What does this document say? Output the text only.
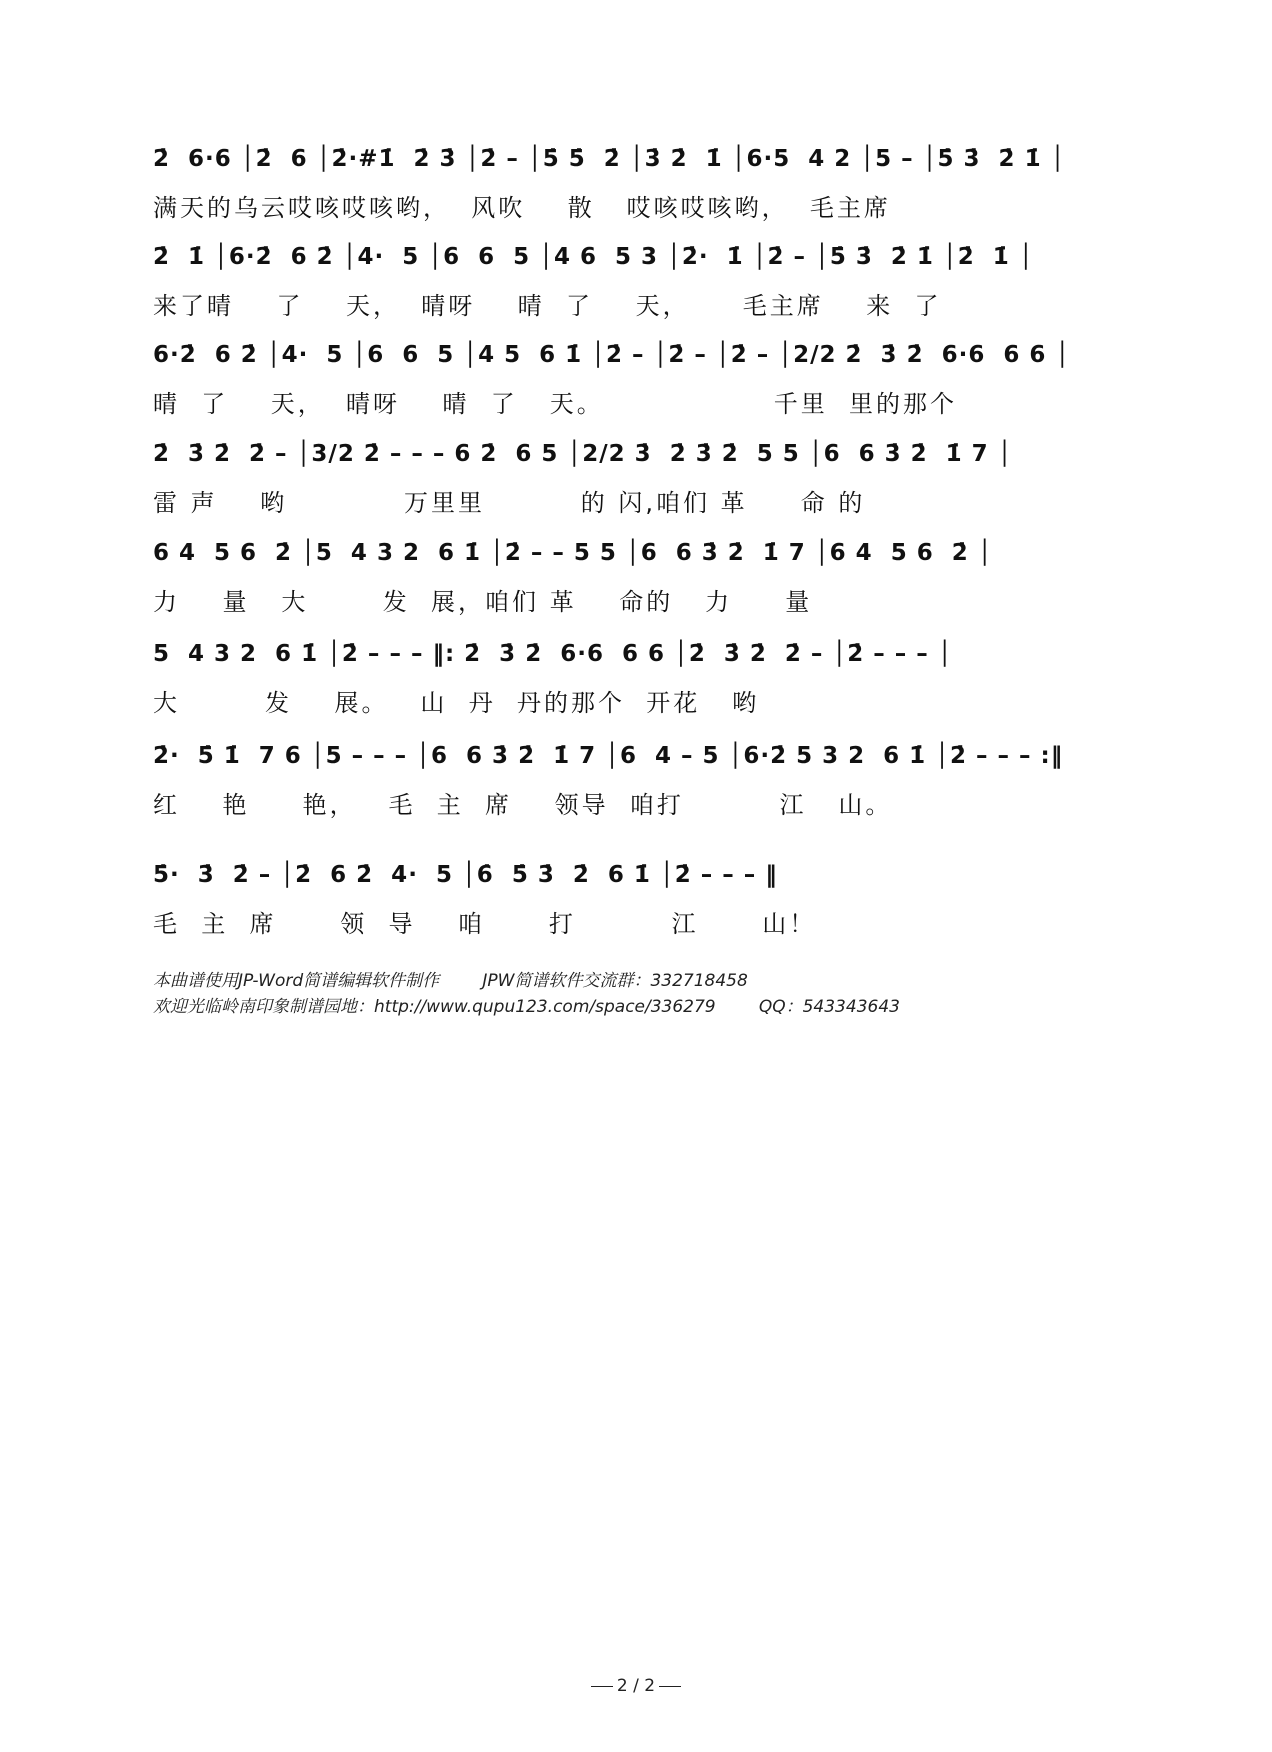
2̇  6·6 │2̇  6 │2̇·#1̇  2̇ 3̇ │2̇ – │5̇ 5̇  2̇ │3̇ 2̇  1̇ │6·5  4 2 │5 – │5̇ 3̇  2̇ 1̇ │
满天的乌云哎咳哎咳哟，  风吹    散   哎咳哎咳哟，  毛主席
2̇  1̇ │6·2̇  6 2̇ │4·  5 │6  6  5 │4 6  5 3 │2̇·  1̇ │2̇ – │5̇ 3̇  2̇ 1̇ │2̇  1̇ │
来了晴    了    天，  晴呀    晴  了    天，     毛主席    来  了
6·2̇  6 2̇ │4·  5 │6  6  5 │4 5  6 1̇ │2̇ – │2̇ – │2̇ – │2/2 2̇  3̇ 2̇  6·6  6 6 │
晴  了    天，  晴呀    晴  了   天。                千里  里的那个
2̇  3̇ 2̇  2̇ – │3/2 2̇ – – – 6 2̇  6 5 │2/2 3̇  2̇ 3̇ 2̇  5 5 │6  6 3̇ 2̇  1̇ 7 │
雷 声    哟           万里里         的 闪,咱们 革     命 的
6 4  5 6  2̇ │5  4 3 2  6 1̇ │2̇ – – 5 5 │6  6 3̇ 2̇  1̇ 7 │6 4  5 6  2̇ │
力    量   大       发  展，咱们 革    命的   力     量
5  4 3 2  6 1̇ │2̇ – – – ‖: 2̇  3̇ 2̇  6·6  6 6 │2̇  3̇ 2̇  2̇ – │2̇ – – – │
大        发    展。   山  丹  丹的那个  开花   哟
2̇·  5̇ 1̇  7 6 │5 – – – │6  6 3̇ 2̇  1̇ 7 │6  4 – 5 │6·2̇ 5 3 2  6 1̇ │2̇ – – – :‖
红    艳     艳，   毛  主  席    领导  咱打         江   山。
5̇·  3̇  2̇ – │2̇  6 2̇  4·  5 │6̇  5̇ 3̇  2̇  6 1̇ │2̇ – – – ‖
毛  主  席      领  导    咱      打         江      山！
本曲谱使用JP-Word简谱编辑软件制作        JPW简谱软件交流群：332718458
欢迎光临岭南印象制谱园地：http://www.qupu123.com/space/336279        QQ：543343643
2 / 2
